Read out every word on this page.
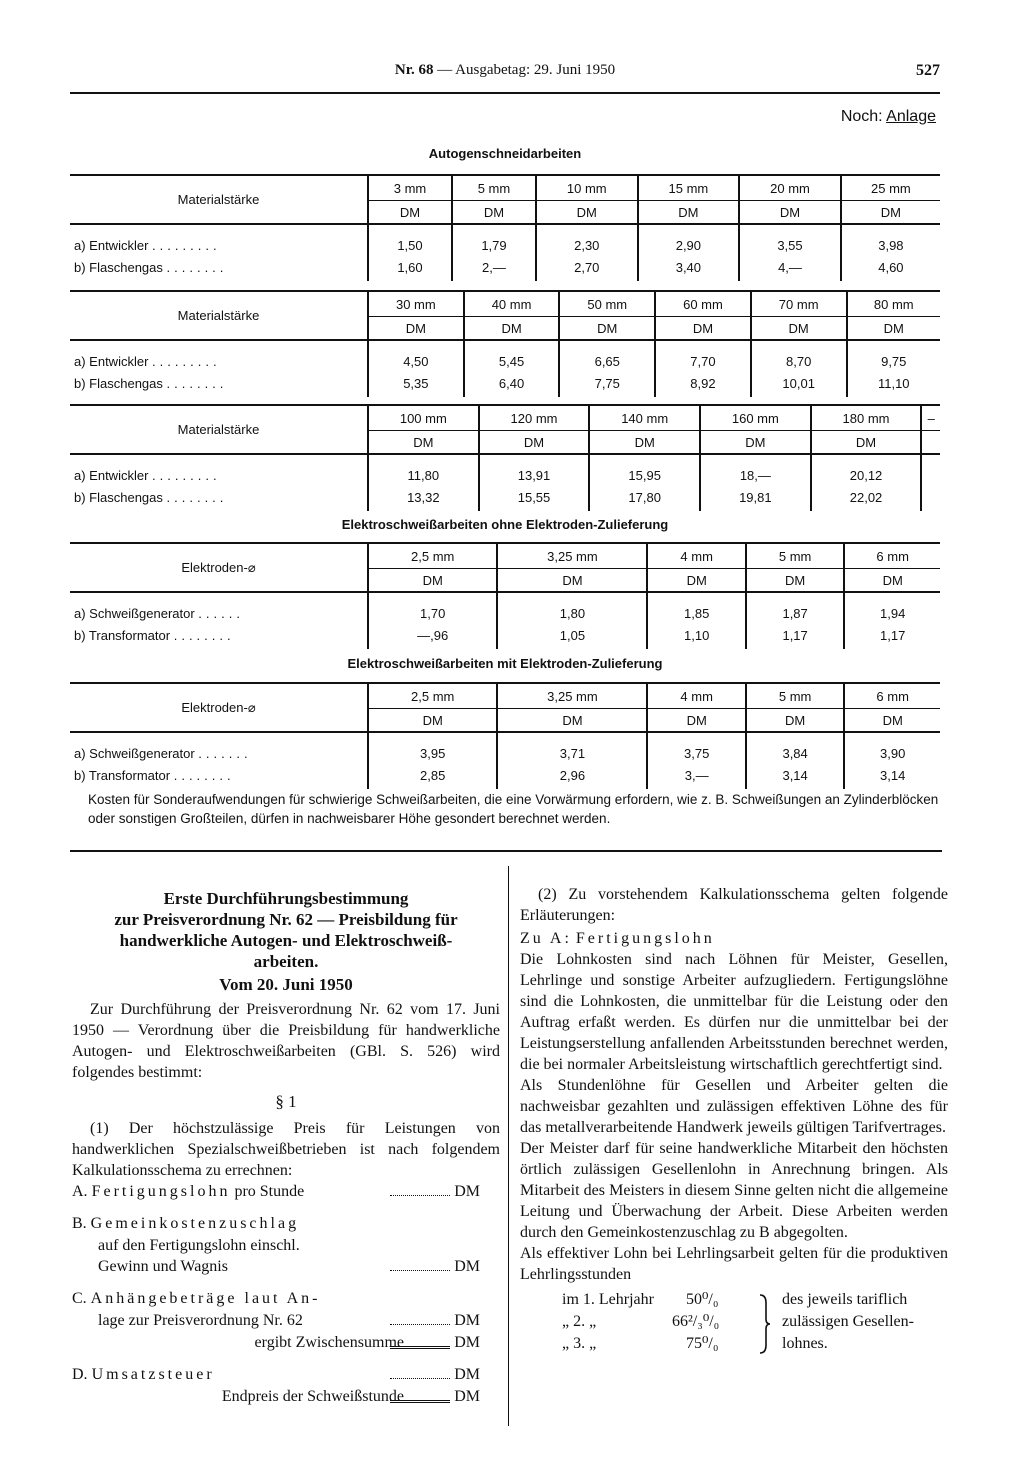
Nr. 68 — Ausgabetag: 29. Juni 1950	527
Noch: Anlage
Autogenschneidarbeiten
Materialstärke	3 mm	5 mm	10 mm	15 mm	20 mm	25 mm
	DM	DM	DM	DM	DM	DM
a) Entwickler .........	1,50	1,79	2,30	2,90	3,55	3,98
b) Flaschengas ........	1,60	2,—	2,70	3,40	4,—	4,60
Materialstärke	30 mm	40 mm	50 mm	60 mm	70 mm	80 mm
	DM	DM	DM	DM	DM	DM
a) Entwickler .........	4,50	5,45	6,65	7,70	8,70	9,75
b) Flaschengas ........	5,35	6,40	7,75	8,92	10,01	11,10
Materialstärke	100 mm	120 mm	140 mm	160 mm	180 mm	–
	DM	DM	DM	DM	DM	
a) Entwickler .........	11,80	13,91	15,95	18,—	20,12	
b) Flaschengas ........	13,32	15,55	17,80	19,81	22,02	
Elektroschweißarbeiten ohne Elektroden-Zulieferung
Elektroden-⌀	2,5 mm	3,25 mm	4 mm	5 mm	6 mm
	DM	DM	DM	DM	DM
a) Schweißgenerator ......	1,70	1,80	1,85	1,87	1,94
b) Transformator ........	—,96	1,05	1,10	1,17	1,17
Elektroschweißarbeiten mit Elektroden-Zulieferung
Elektroden-⌀	2,5 mm	3,25 mm	4 mm	5 mm	6 mm
	DM	DM	DM	DM	DM
a) Schweißgenerator .......	3,95	3,71	3,75	3,84	3,90
b) Transformator ........	2,85	2,96	3,—	3,14	3,14
Kosten für Sonderaufwendungen für schwierige Schweißarbeiten, die eine Vorwärmung erfordern, wie z. B. Schweißungen an Zylinderblöcken oder sonstigen Großteilen, dürfen in nachweisbarer Höhe gesondert berechnet werden.
Erste Durchführungsbestimmung
zur Preisverordnung Nr. 62 — Preisbildung für
handwerkliche Autogen- und Elektroschweiß-
arbeiten.
Vom 20. Juni 1950
Zur Durchführung der Preisverordnung Nr. 62 vom 17. Juni 1950 — Verordnung über die Preisbildung für handwerkliche Autogen- und Elektroschweißarbeiten (GBl. S. 526) wird folgendes bestimmt:
§ 1
(1) Der höchstzulässige Preis für Leistungen von handwerklichen Spezialschweißbetrieben ist nach folgendem Kalkulationsschema zu errechnen:
A. Fertigungslohn pro Stunde	DM
B. Gemeinkostenzuschlag
auf den Fertigungslohn einschl.
Gewinn und Wagnis	DM
C. Anhängebeträge laut An-
lage zur Preisverordnung Nr. 62	DM
ergibt Zwischensumme	DM
D. Umsatzsteuer	DM
Endpreis der Schweißstunde	DM
(2) Zu vorstehendem Kalkulationsschema gelten folgende Erläuterungen:
Zu A: Fertigungslohn
Die Lohnkosten sind nach Löhnen für Meister, Gesellen, Lehrlinge und sonstige Arbeiter aufzugliedern. Fertigungslöhne sind die Lohnkosten, die unmittelbar für die Leistung oder den Auftrag erfaßt werden. Es dürfen nur die unmittelbar bei der Leistungserstellung anfallenden Arbeitsstunden berechnet werden, die bei normaler Arbeitsleistung wirtschaftlich gerechtfertigt sind.
Als Stundenlöhne für Gesellen und Arbeiter gelten die nachweisbar gezahlten und zulässigen effektiven Löhne des für das metallverarbeitende Handwerk jeweils gültigen Tarifvertrages.
Der Meister darf für seine handwerkliche Mitarbeit den höchsten örtlich zulässigen Gesellenlohn in Anrechnung bringen. Als Mitarbeit des Meisters in diesem Sinne gelten nicht die allgemeine Leitung und Überwachung der Arbeit. Diese Arbeiten werden durch den Gemeinkostenzuschlag zu B abgegolten.
Als effektiver Lohn bei Lehrlingsarbeit gelten für die produktiven Lehrlingsstunden
im 1. Lehrjahr 50⁰/₀
„ 2. „	66²/₃⁰/₀
„ 3. „	75⁰/₀
des jeweils tariflich
zulässigen Gesellen-
lohnes.
